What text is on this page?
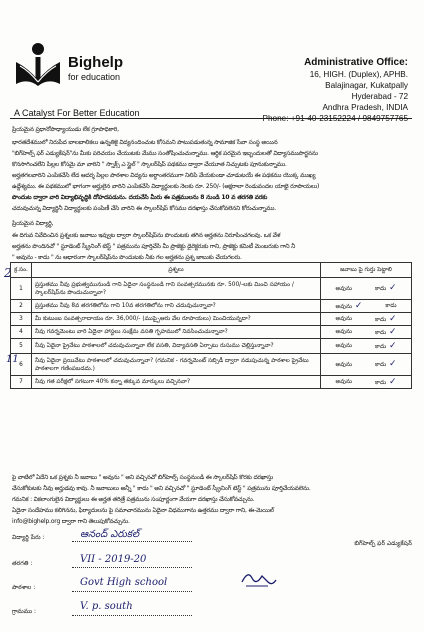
Bighelp
for education
A Catalyst For Better Education
Administrative Office:
16, HIGH. (Duplex), APHB.
Balajinagar, Kukatpally
Hyderabad - 72
Andhra Pradesh, INDIA
Phone: +91-40-23152224 / 9849757765
ప్రియమైన ప్రధానోపాధ్యాయుడు లేక గ్రూపాధికారి,
భారతదేశములో నిరుపేద బాలబాలికలు ఉన్నతికై విద్యనందించుట కోసమని పాటుపడుతున్న సామాజిక సేవా సంస్థ అయిన
"బిగ్‌హెల్ప్ ఫర్ ఎడ్యుకేషన్"ను మీకు పరిచయం చేయుటకు మేము సంతోషించుచున్నాము. ఆర్థిక పరమైన ఇబ్బందులతో విద్యాసముపార్జనను
కొనసాగించలేని పిల్లల కోసమై మా వారిని " స్నాక్స్ ఎ స్టైల్ " స్కాలర్‌షిప్ పథకము ద్వారా చేయూత నిచ్చుటకు పూనుకున్నాము.
అర్హతగలవారిని ఎంపికచేసి లేద ఆదర్శ పిల్లల పాఠశాల విద్యను అర్ధాంతరముగా నిలిపి వేయకుండా చూడుటయే ఈ పథకము యొక్క ముఖ్య
ఉద్దేశ్యము. ఈ పథకములో భాగంగా అర్హులైన వారిని ఎంపికచేసి విద్యార్థులకు నెలకు రూ. 250/- (అక్షరాలా రెండువందల యాభై రూపాయలు)
పొందుట ద్వారా వారి విద్యాభివృద్ధికి దోహదపడును. దయచేసి మీరు ఈ పత్రములను 8 నుండి 10 వ తరగతి వరకు
చదువుచున్న విద్యార్థినీ విద్యార్థులకు పంపిణీ చేసి వారిని ఈ స్కాలర్‌షిప్ కోసము దరఖాస్తు చేసుకోవలెనని కోరుచున్నాము.
ప్రియమైన విద్యార్థి,
ఈ దిగువ నివేదించిన ప్రశ్నలకు జవాబు ఇవ్వుట ద్వారా స్కాలర్‌షిప్‌ను పొందుటకు తగిన అర్హతను నిరూపించగలవు. ఒక వేళ
అర్హతను పొందినచో " స్టూడెంట్ స్క్రీనింగ్ టెస్ట్ " పత్రమును పూర్తిచేసి మీ ప్రాజెక్టు డైరెక్టరుకు గాని, ప్రాజెక్టు కమిటీ మెంబరుకు గాని నీ
" అవును - కాదు " ను ఆధారంగా స్కాలర్‌షిప్‌ను పొందుటకు నీకు గల అర్హతను ప్రశ్న జాబుకు చేయగలరు.
2
11
క్ర.సం.	ప్రశ్నలు	జవాబు పై గుర్తు పెట్టాలి
1	ప్రస్తుతము నీవు ప్రభుత్వమునుండి గాని ఏదైనా సంస్థనుండి గాని సంవత్సరమునకు రూ. 500/-లకు మించి సహాయం / స్కాలర్‌షిప్‌ను పొందుచున్నావా?	అవును కాదు ✓

2	ప్రస్తుతము నీవు 8వ తరగతిలోను గాని 10వ తరగతిలోను గాని చదువుచున్నావా?	అవును ✓ కాదు

3	మీ కుటుంబ సంవత్సరాదాయం రూ. 36,000/- (ముప్పైఆరు వేల రూపాయలు) మించియున్నదా?	అవును కాదు ✓

4	నీవు గవర్నమెంటు వారి ఏదైనా హాస్టలు సంక్షేమ వసతి గృహములో నివసించుచున్నావా?	అవును కాదు ✓

5	నీవు ఏదైనా ప్రైవేటు పాఠశాలలో చదువుచున్నావా లేక వసతి, విద్యావసతి ఏర్పాటు రుసుము చెల్లిస్తున్నావా?	అవును కాదు ✓

6	నీవు ఏదైనా ప్రయివేటు పాఠశాలలో చదువుచున్నావా? (గమనిక - గవర్నమెంట్ సబ్సిడీ ద్వారా నడుపుచున్న పాఠశాల ప్రైవేటు పాఠశాలగా గణింపబడదు.)	అవును కాదు ✓

7	నీవు గత పరీక్షలో సగటుగా 40% కన్నా తక్కువ మార్కులు వచ్చినవా?	అవును కాదు ✓
పై వాటిలో ఏదేని ఒక ప్రశ్నకు నీ జవాబు " అవును " అని వచ్చినచో బిగ్‌హెల్ప్ సంస్థనుండి ఈ స్కాలర్‌షిప్ కొరకు దరఖాస్తు
చేసుకోకుటకు నీవు అర్హుడవు కావు. నీ జవాబులు అన్నీ " కాదు " అని వచ్చినచో " స్టూడెంట్ స్క్రీనింగ్ టెస్ట్ " పత్రమును పూర్తిచేయవలెను.
గమనిక : వికలాంగులైన విద్యార్థులు ఈ అర్హత తరిత్రే పత్రమును సంపూర్ణంగా వేయగా దరఖాస్తు చేసుకోవచ్చును.
ఏదైనా సందేహము కలిగినను, ఫిర్యాదులను పై సమాచారమును ఏదైనా విధముగాను ఉత్తరము ద్వారా గాని, ఈ-మెయిల్
info@bighelp.org ద్వారా గాని తెలుపుకోవచ్చును.
విద్యార్థి పేరు :	ఆనంద్ ఎరుకల్
తరగతి :	VII - 2019-20
పాఠశాల :	Govt High school
గ్రామము :	V. p. south
బిగ్‌హెల్ప్ ఫర్ ఎడ్యుకేషన్
